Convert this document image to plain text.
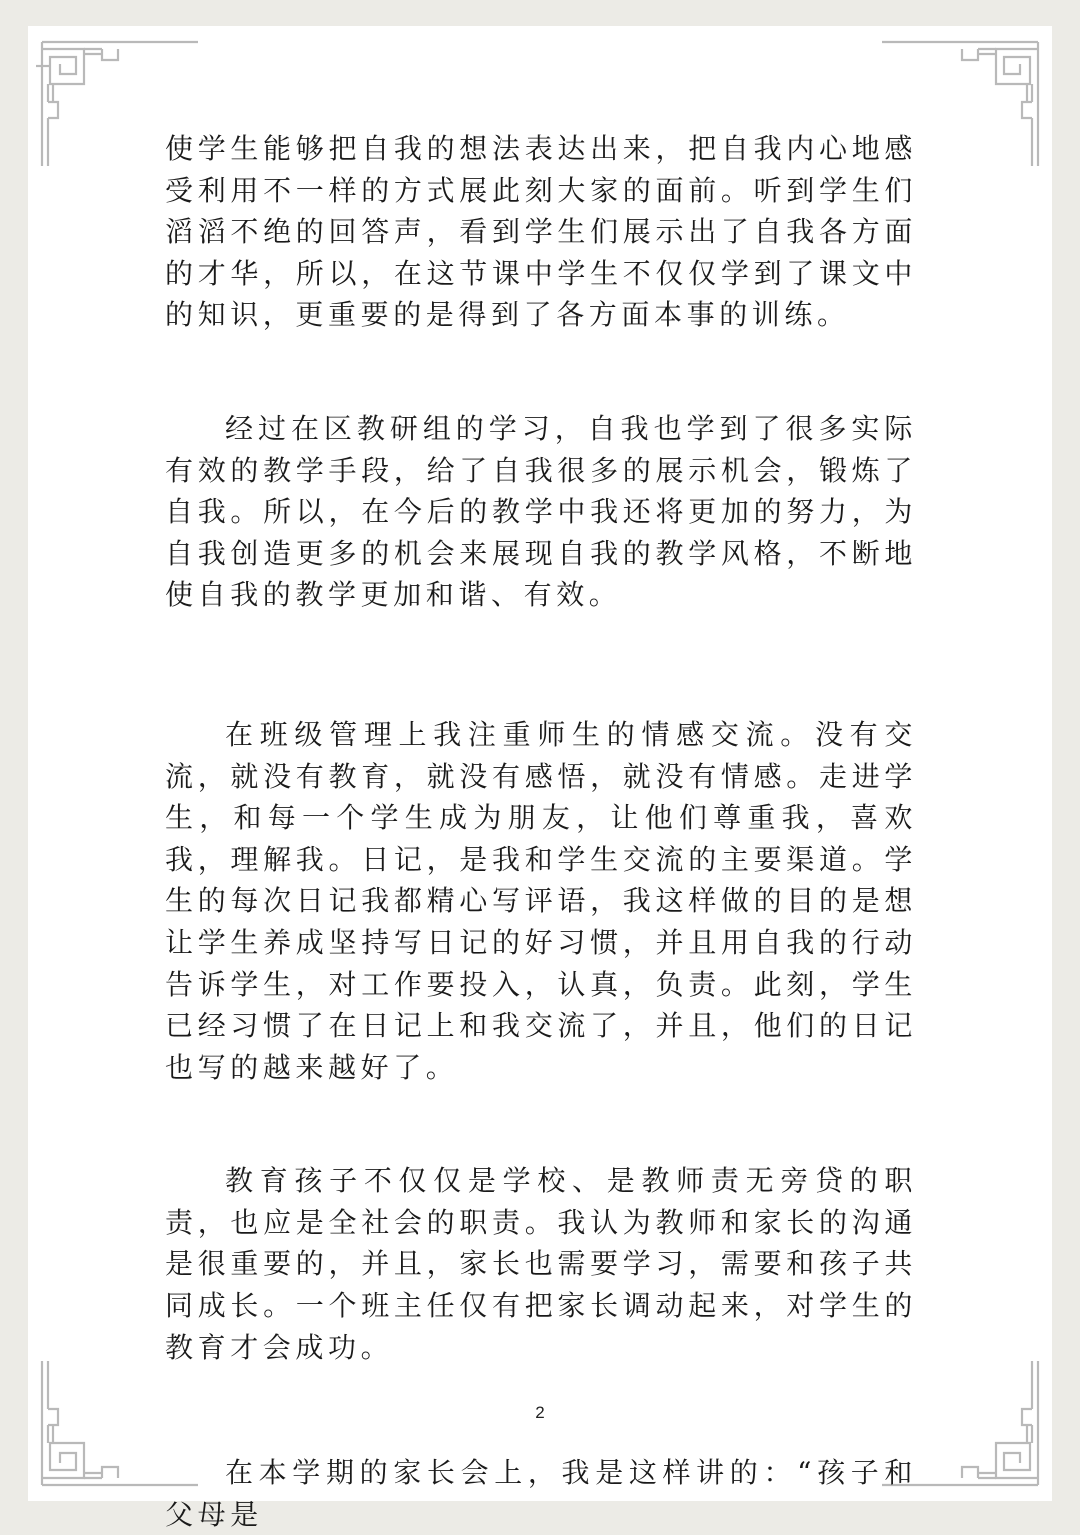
使学生能够把自我的想法表达出来，把自我内心地感受利用不一样的方式展此刻大家的面前。听到学生们滔滔不绝的回答声，看到学生们展示出了自我各方面的才华，所以，在这节课中学生不仅仅学到了课文中的知识，更重要的是得到了各方面本事的训练。

经过在区教研组的学习，自我也学到了很多实际有效的教学手段，给了自我很多的展示机会，锻炼了自我。所以，在今后的教学中我还将更加的努力，为自我创造更多的机会来展现自我的教学风格，不断地使自我的教学更加和谐、有效。

在班级管理上我注重师生的情感交流。没有交流，就没有教育，就没有感悟，就没有情感。走进学生，和每一个学生成为朋友，让他们尊重我，喜欢我，理解我。日记，是我和学生交流的主要渠道。学生的每次日记我都精心写评语，我这样做的目的是想让学生养成坚持写日记的好习惯，并且用自我的行动告诉学生，对工作要投入，认真，负责。此刻，学生已经习惯了在日记上和我交流了，并且，他们的日记也写的越来越好了。

教育孩子不仅仅是学校、是教师责无旁贷的职责，也应是全社会的职责。我认为教师和家长的沟通是很重要的，并且，家长也需要学习，需要和孩子共同成长。一个班主任仅有把家长调动起来，对学生的教育才会成功。

在本学期的家长会上，我是这样讲的：“孩子和父母是

2
